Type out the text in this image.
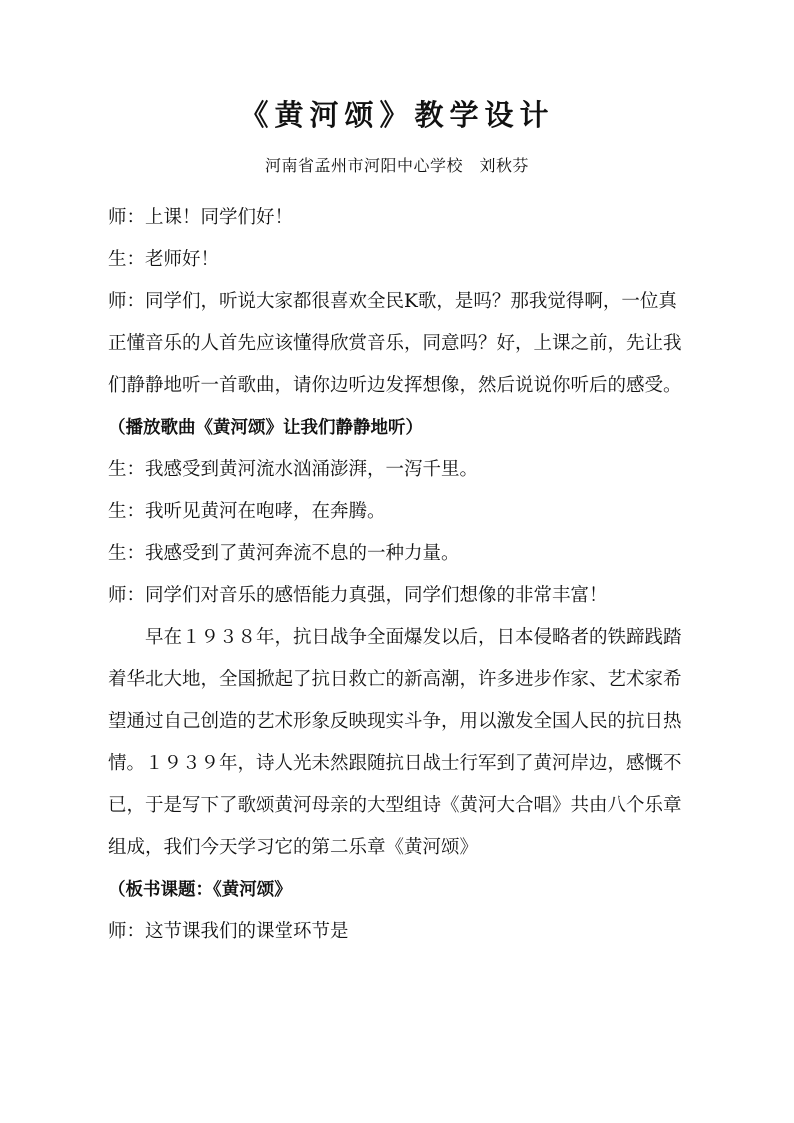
《黄河颂》教学设计
河南省孟州市河阳中心学校　刘秋芬
师：上课！同学们好！
生：老师好！
师：同学们，听说大家都很喜欢全民K歌，是吗？那我觉得啊，一位真
正懂音乐的人首先应该懂得欣赏音乐，同意吗？好，上课之前，先让我
们静静地听一首歌曲，请你边听边发挥想像，然后说说你听后的感受。
（播放歌曲《黄河颂》让我们静静地听）
生：我感受到黄河流水汹涌澎湃，一泻千里。
生：我听见黄河在咆哮，在奔腾。
生：我感受到了黄河奔流不息的一种力量。
师：同学们对音乐的感悟能力真强，同学们想像的非常丰富！
早在１９３８年，抗日战争全面爆发以后，日本侵略者的铁蹄践踏
着华北大地，全国掀起了抗日救亡的新高潮，许多进步作家、艺术家希
望通过自己创造的艺术形象反映现实斗争，用以激发全国人民的抗日热
情。１９３９年，诗人光未然跟随抗日战士行军到了黄河岸边，感慨不
已，于是写下了歌颂黄河母亲的大型组诗《黄河大合唱》共由八个乐章
组成，我们今天学习它的第二乐章《黄河颂》
（板书课题：《黄河颂》
师：这节课我们的课堂环节是
